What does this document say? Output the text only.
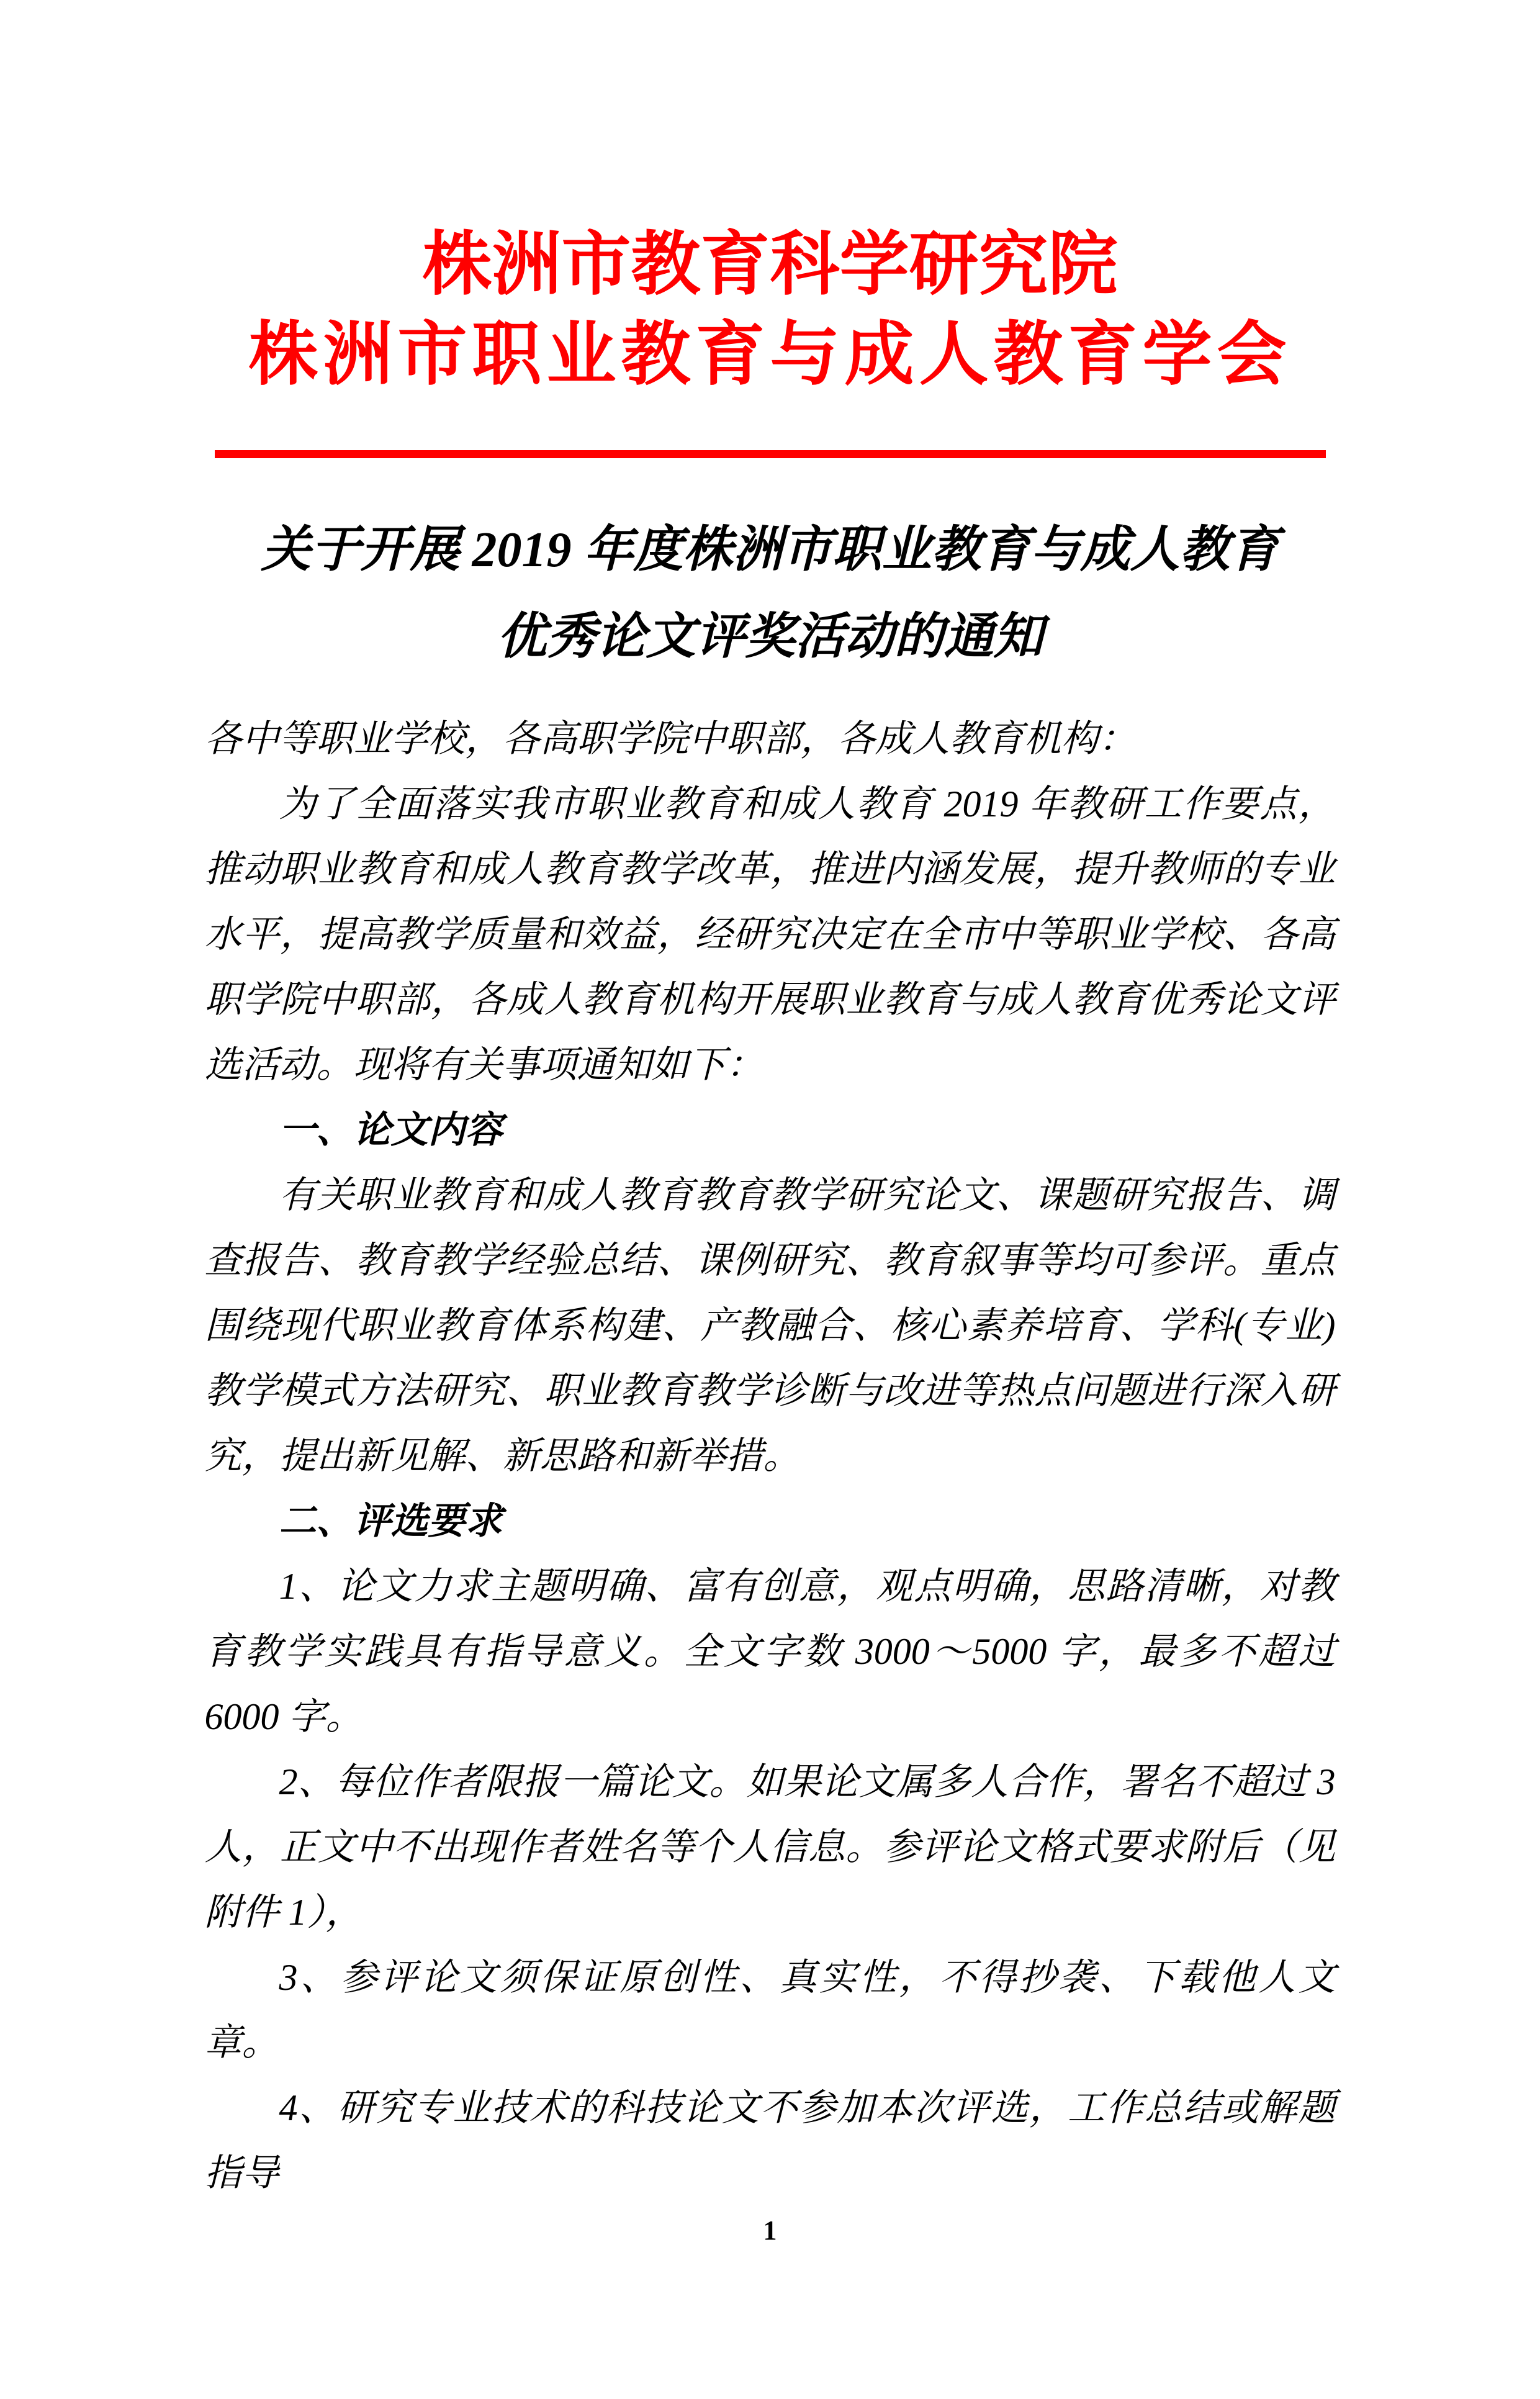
株洲市教育科学研究院
株洲市职业教育与成人教育学会
关于开展 2019 年度株洲市职业教育与成人教育
优秀论文评奖活动的通知

各中等职业学校，各高职学院中职部，各成人教育机构：

为了全面落实我市职业教育和成人教育 2019 年教研工作要点，推动职业教育和成人教育教学改革，推进内涵发展，提升教师的专业水平，提高教学质量和效益，经研究决定在全市中等职业学校、各高职学院中职部，各成人教育机构开展职业教育与成人教育优秀论文评选活动。现将有关事项通知如下：

一、论文内容

有关职业教育和成人教育教育教学研究论文、课题研究报告、调查报告、教育教学经验总结、课例研究、教育叙事等均可参评。重点围绕现代职业教育体系构建、产教融合、核心素养培育、学科(专业)教学模式方法研究、职业教育教学诊断与改进等热点问题进行深入研究，提出新见解、新思路和新举措。

二、评选要求

1、论文力求主题明确、富有创意，观点明确，思路清晰，对教育教学实践具有指导意义。全文字数 3000～5000 字，最多不超过 6000 字。

2、每位作者限报一篇论文。如果论文属多人合作，署名不超过 3 人，正文中不出现作者姓名等个人信息。参评论文格式要求附后（见附件 1），

3、参评论文须保证原创性、真实性，不得抄袭、下载他人文章。

4、研究专业技术的科技论文不参加本次评选，工作总结或解题指导

1
